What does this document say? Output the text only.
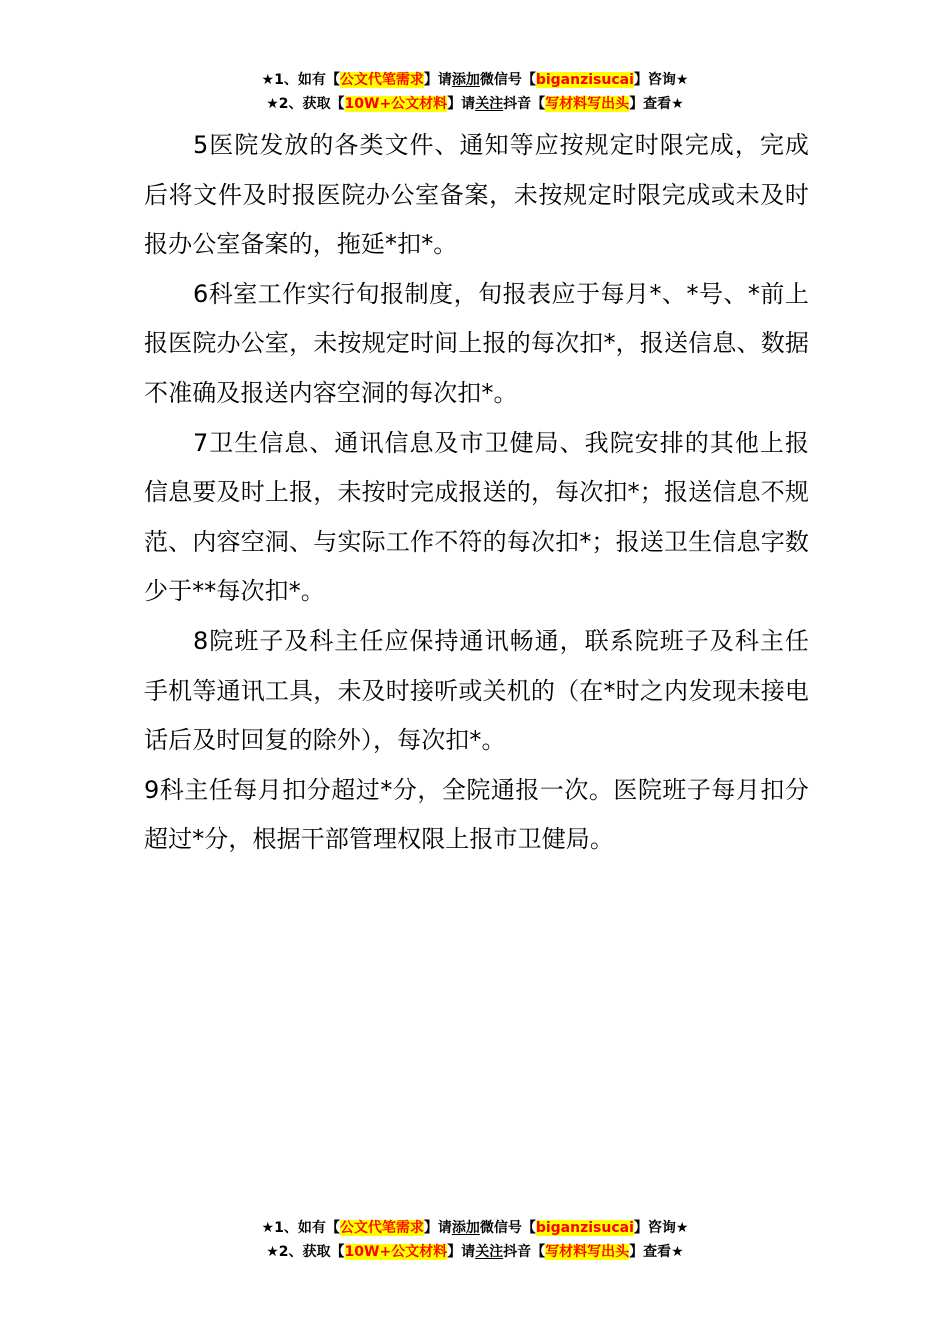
★1、如有【公文代笔需求】请添加微信号【biganzisucai】咨询★
★2、获取【10W+公文材料】请关注抖音【写材料写出头】查看★

5医院发放的各类文件、通知等应按规定时限完成，完成后将文件及时报医院办公室备案，未按规定时限完成或未及时报办公室备案的，拖延*扣*。

6科室工作实行旬报制度，旬报表应于每月*、*号、*前上报医院办公室，未按规定时间上报的每次扣*，报送信息、数据不准确及报送内容空洞的每次扣*。

7卫生信息、通讯信息及市卫健局、我院安排的其他上报信息要及时上报，未按时完成报送的，每次扣*；报送信息不规范、内容空洞、与实际工作不符的每次扣*；报送卫生信息字数少于**每次扣*。

8院班子及科主任应保持通讯畅通，联系院班子及科主任手机等通讯工具，未及时接听或关机的（在*时之内发现未接电话后及时回复的除外），每次扣*。

9科主任每月扣分超过*分，全院通报一次。医院班子每月扣分超过*分，根据干部管理权限上报市卫健局。

★1、如有【公文代笔需求】请添加微信号【biganzisucai】咨询★
★2、获取【10W+公文材料】请关注抖音【写材料写出头】查看★
